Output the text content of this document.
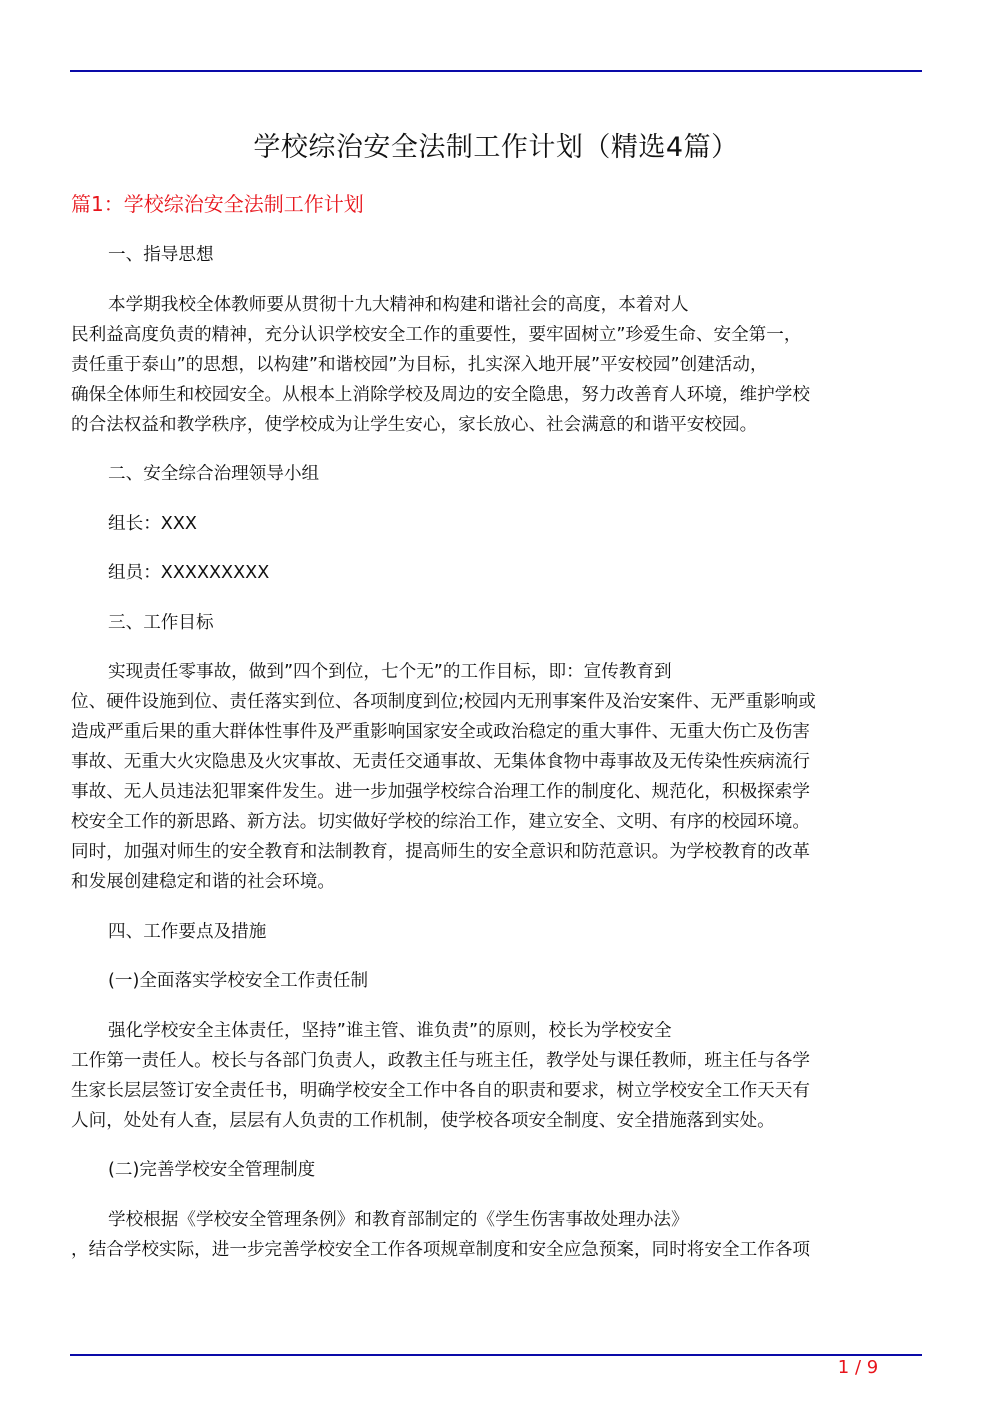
学校综治安全法制工作计划（精选4篇）
篇1：学校综治安全法制工作计划

一、指导思想

本学期我校全体教师要从贯彻十九大精神和构建和谐社会的高度，本着对人
民利益高度负责的精神，充分认识学校安全工作的重要性，要牢固树立”珍爱生命、安全第一，
责任重于泰山”的思想，以构建”和谐校园”为目标，扎实深入地开展”平安校园”创建活动，
确保全体师生和校园安全。从根本上消除学校及周边的安全隐患，努力改善育人环境，维护学校
的合法权益和教学秩序，使学校成为让学生安心，家长放心、社会满意的和谐平安校园。

二、安全综合治理领导小组

组长：XXX

组员：XXXXXXXXX

三、工作目标

实现责任零事故，做到”四个到位，七个无”的工作目标，即：宣传教育到
位、硬件设施到位、责任落实到位、各项制度到位;校园内无刑事案件及治安案件、无严重影响或
造成严重后果的重大群体性事件及严重影响国家安全或政治稳定的重大事件、无重大伤亡及伤害
事故、无重大火灾隐患及火灾事故、无责任交通事故、无集体食物中毒事故及无传染性疾病流行
事故、无人员违法犯罪案件发生。进一步加强学校综合治理工作的制度化、规范化，积极探索学
校安全工作的新思路、新方法。切实做好学校的综治工作，建立安全、文明、有序的校园环境。
同时，加强对师生的安全教育和法制教育，提高师生的安全意识和防范意识。为学校教育的改革
和发展创建稳定和谐的社会环境。

四、工作要点及措施

(一)全面落实学校安全工作责任制

强化学校安全主体责任，坚持”谁主管、谁负责”的原则，校长为学校安全
工作第一责任人。校长与各部门负责人，政教主任与班主任，教学处与课任教师，班主任与各学
生家长层层签订安全责任书，明确学校安全工作中各自的职责和要求，树立学校安全工作天天有
人问，处处有人查，层层有人负责的工作机制，使学校各项安全制度、安全措施落到实处。

(二)完善学校安全管理制度

学校根据《学校安全管理条例》和教育部制定的《学生伤害事故处理办法》
，结合学校实际，进一步完善学校安全工作各项规章制度和安全应急预案，同时将安全工作各项
1 / 9
